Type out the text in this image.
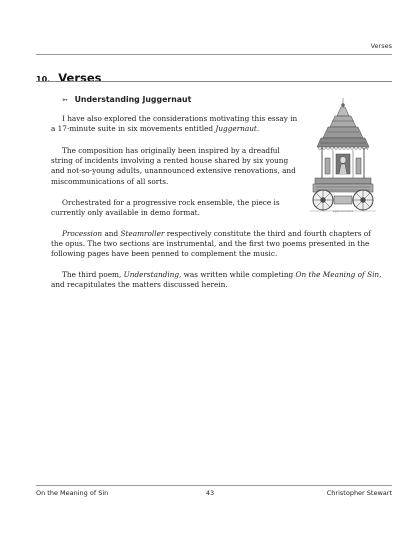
Verses
10. Verses
➳ Understanding Juggernaut

I have also explored the considerations motivating this essay in a 17-minute suite in six movements entitled Juggernaut.

The composition has originally been inspired by a dreadful string of incidents involving a rented house shared by six young and not-so-young adults, unannounced extensive renovations, and miscommunications of all sorts.

Orchestrated for a progressive rock ensemble, the piece is currently only available in demo format.

Procession and Steamroller respectively constitute the third and fourth chapters of the opus. The two sections are instrumental, and the first two poems presented in the following pages have been penned to complement the music.

The third poem, Understanding, was written while completing On the Meaning of Sin, and recapitulates the matters discussed herein.

Juggernaut chariot
On the Meaning of Sin	43	Christopher Stewart
